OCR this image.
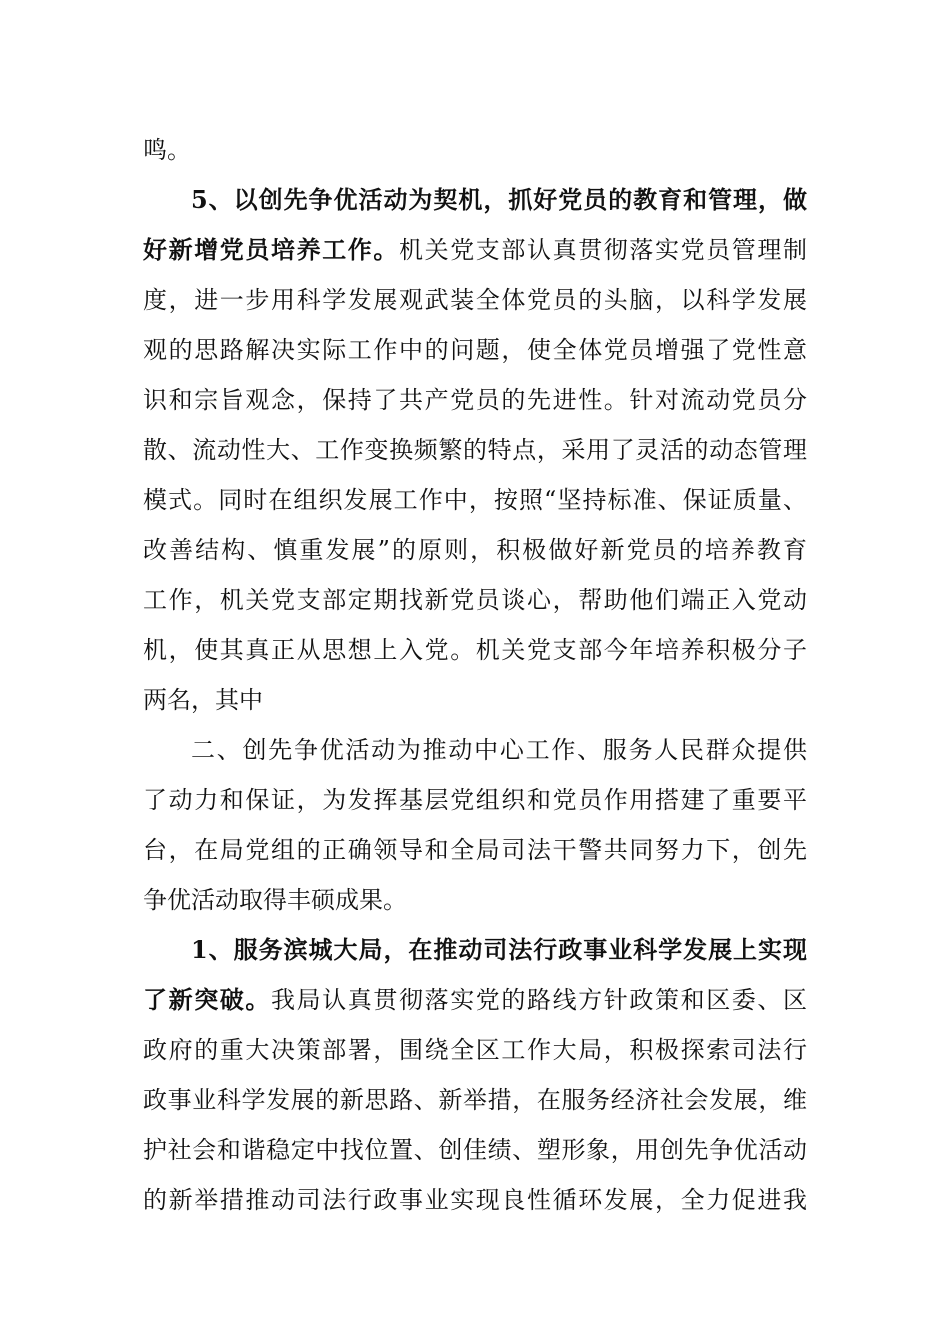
鸣。
5、以创先争优活动为契机，抓好党员的教育和管理，做
好新增党员培养工作。机关党支部认真贯彻落实党员管理制
度，进一步用科学发展观武装全体党员的头脑，以科学发展
观的思路解决实际工作中的问题，使全体党员增强了党性意
识和宗旨观念，保持了共产党员的先进性。针对流动党员分
散、流动性大、工作变换频繁的特点，采用了灵活的动态管理
模式。同时在组织发展工作中，按照“坚持标准、保证质量、
改善结构、慎重发展”的原则，积极做好新党员的培养教育
工作，机关党支部定期找新党员谈心，帮助他们端正入党动
机，使其真正从思想上入党。机关党支部今年培养积极分子
两名，其中
二、创先争优活动为推动中心工作、服务人民群众提供
了动力和保证，为发挥基层党组织和党员作用搭建了重要平
台，在局党组的正确领导和全局司法干警共同努力下，创先
争优活动取得丰硕成果。
1、服务滨城大局，在推动司法行政事业科学发展上实现
了新突破。我局认真贯彻落实党的路线方针政策和区委、区
政府的重大决策部署，围绕全区工作大局，积极探索司法行
政事业科学发展的新思路、新举措，在服务经济社会发展，维
护社会和谐稳定中找位置、创佳绩、塑形象，用创先争优活动
的新举措推动司法行政事业实现良性循环发展，全力促进我
